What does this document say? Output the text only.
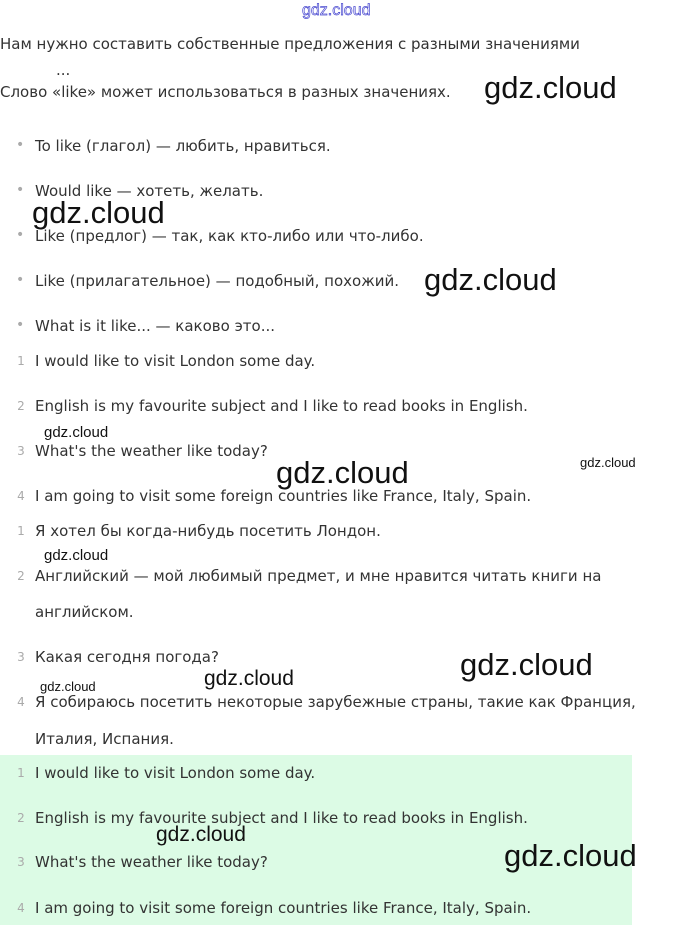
gdz.cloud
Нам нужно составить собственные предложения с разными значениями
...
Слово «like» может использоваться в разных значениях.
• To like (глагол) — любить, нравиться.
• Would like — хотеть, желать.
• Like (предлог) — так, как кто-либо или что-либо.
• Like (прилагательное) — подобный, похожий.
• What is it like... — каково это...
1 I would like to visit London some day.
2 English is my favourite subject and I like to read books in English.
3 What's the weather like today?
4 I am going to visit some foreign countries like France, Italy, Spain.
1 Я хотел бы когда-нибудь посетить Лондон.
2 Английский — мой любимый предмет, и мне нравится читать книги на
английском.
3 Какая сегодня погода?
4 Я собираюсь посетить некоторые зарубежные страны, такие как Франция,
Италия, Испания.
1 I would like to visit London some day.
2 English is my favourite subject and I like to read books in English.
3 What's the weather like today?
4 I am going to visit some foreign countries like France, Italy, Spain.
gdz.cloud
gdz.cloud
gdz.cloud
gdz.cloud
gdz.cloud	gdz.cloud
gdz.cloud
gdz.cloud
gdz.cloud	gdz.cloud
gdz.cloud
gdz.cloud
